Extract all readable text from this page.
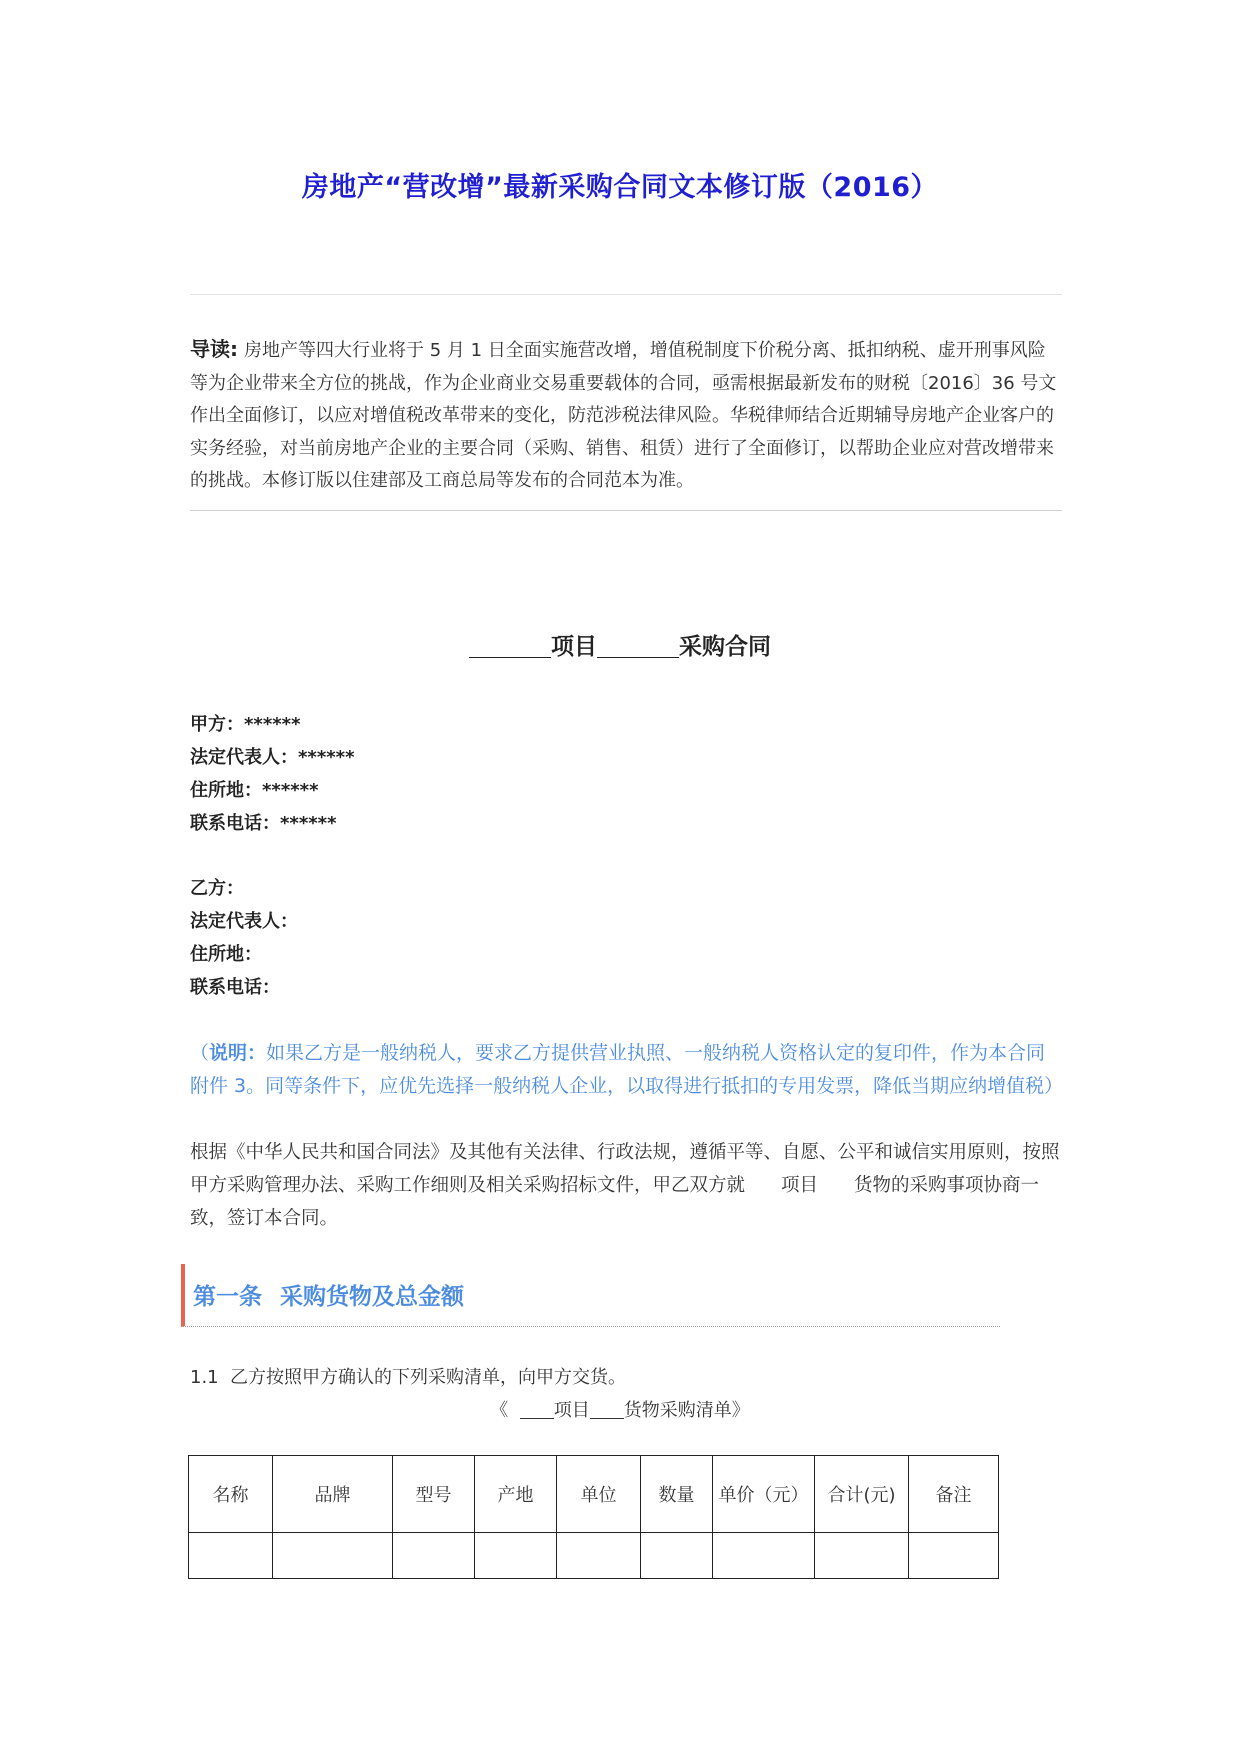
房地产“营改增”最新采购合同文本修订版（2016）
导读: 房地产等四大行业将于 5 月 1 日全面实施营改增，增值税制度下价税分离、抵扣纳税、虚开刑事风险等为企业带来全方位的挑战，作为企业商业交易重要载体的合同，亟需根据最新发布的财税〔2016〕36 号文作出全面修订，以应对增值税改革带来的变化，防范涉税法律风险。华税律师结合近期辅导房地产企业客户的实务经验，对当前房地产企业的主要合同（采购、销售、租赁）进行了全面修订，以帮助企业应对营改增带来的挑战。本修订版以住建部及工商总局等发布的合同范本为准。
项目	采购合同
甲方：******
法定代表人：******
住所地：******
联系电话：******
乙方：
法定代表人：
住所地：
联系电话：
（说明：如果乙方是一般纳税人，要求乙方提供营业执照、一般纳税人资格认定的复印件，作为本合同附件 3。同等条件下，应优先选择一般纳税人企业，以取得进行抵扣的专用发票，降低当期应纳增值税）
根据《中华人民共和国合同法》及其他有关法律、行政法规，遵循平等、自愿、公平和诚信实用原则，按照甲方采购管理办法、采购工作细则及相关采购招标文件，甲乙双方就 项目 货物的采购事项协商一致，签订本合同。
第一条 采购货物及总金额
1.1 乙方按照甲方确认的下列采购清单，向甲方交货。
《	项目 货物采购清单》
名称	品牌	型号	产地	单位	数量	单价（元）	合计(元)	备注
